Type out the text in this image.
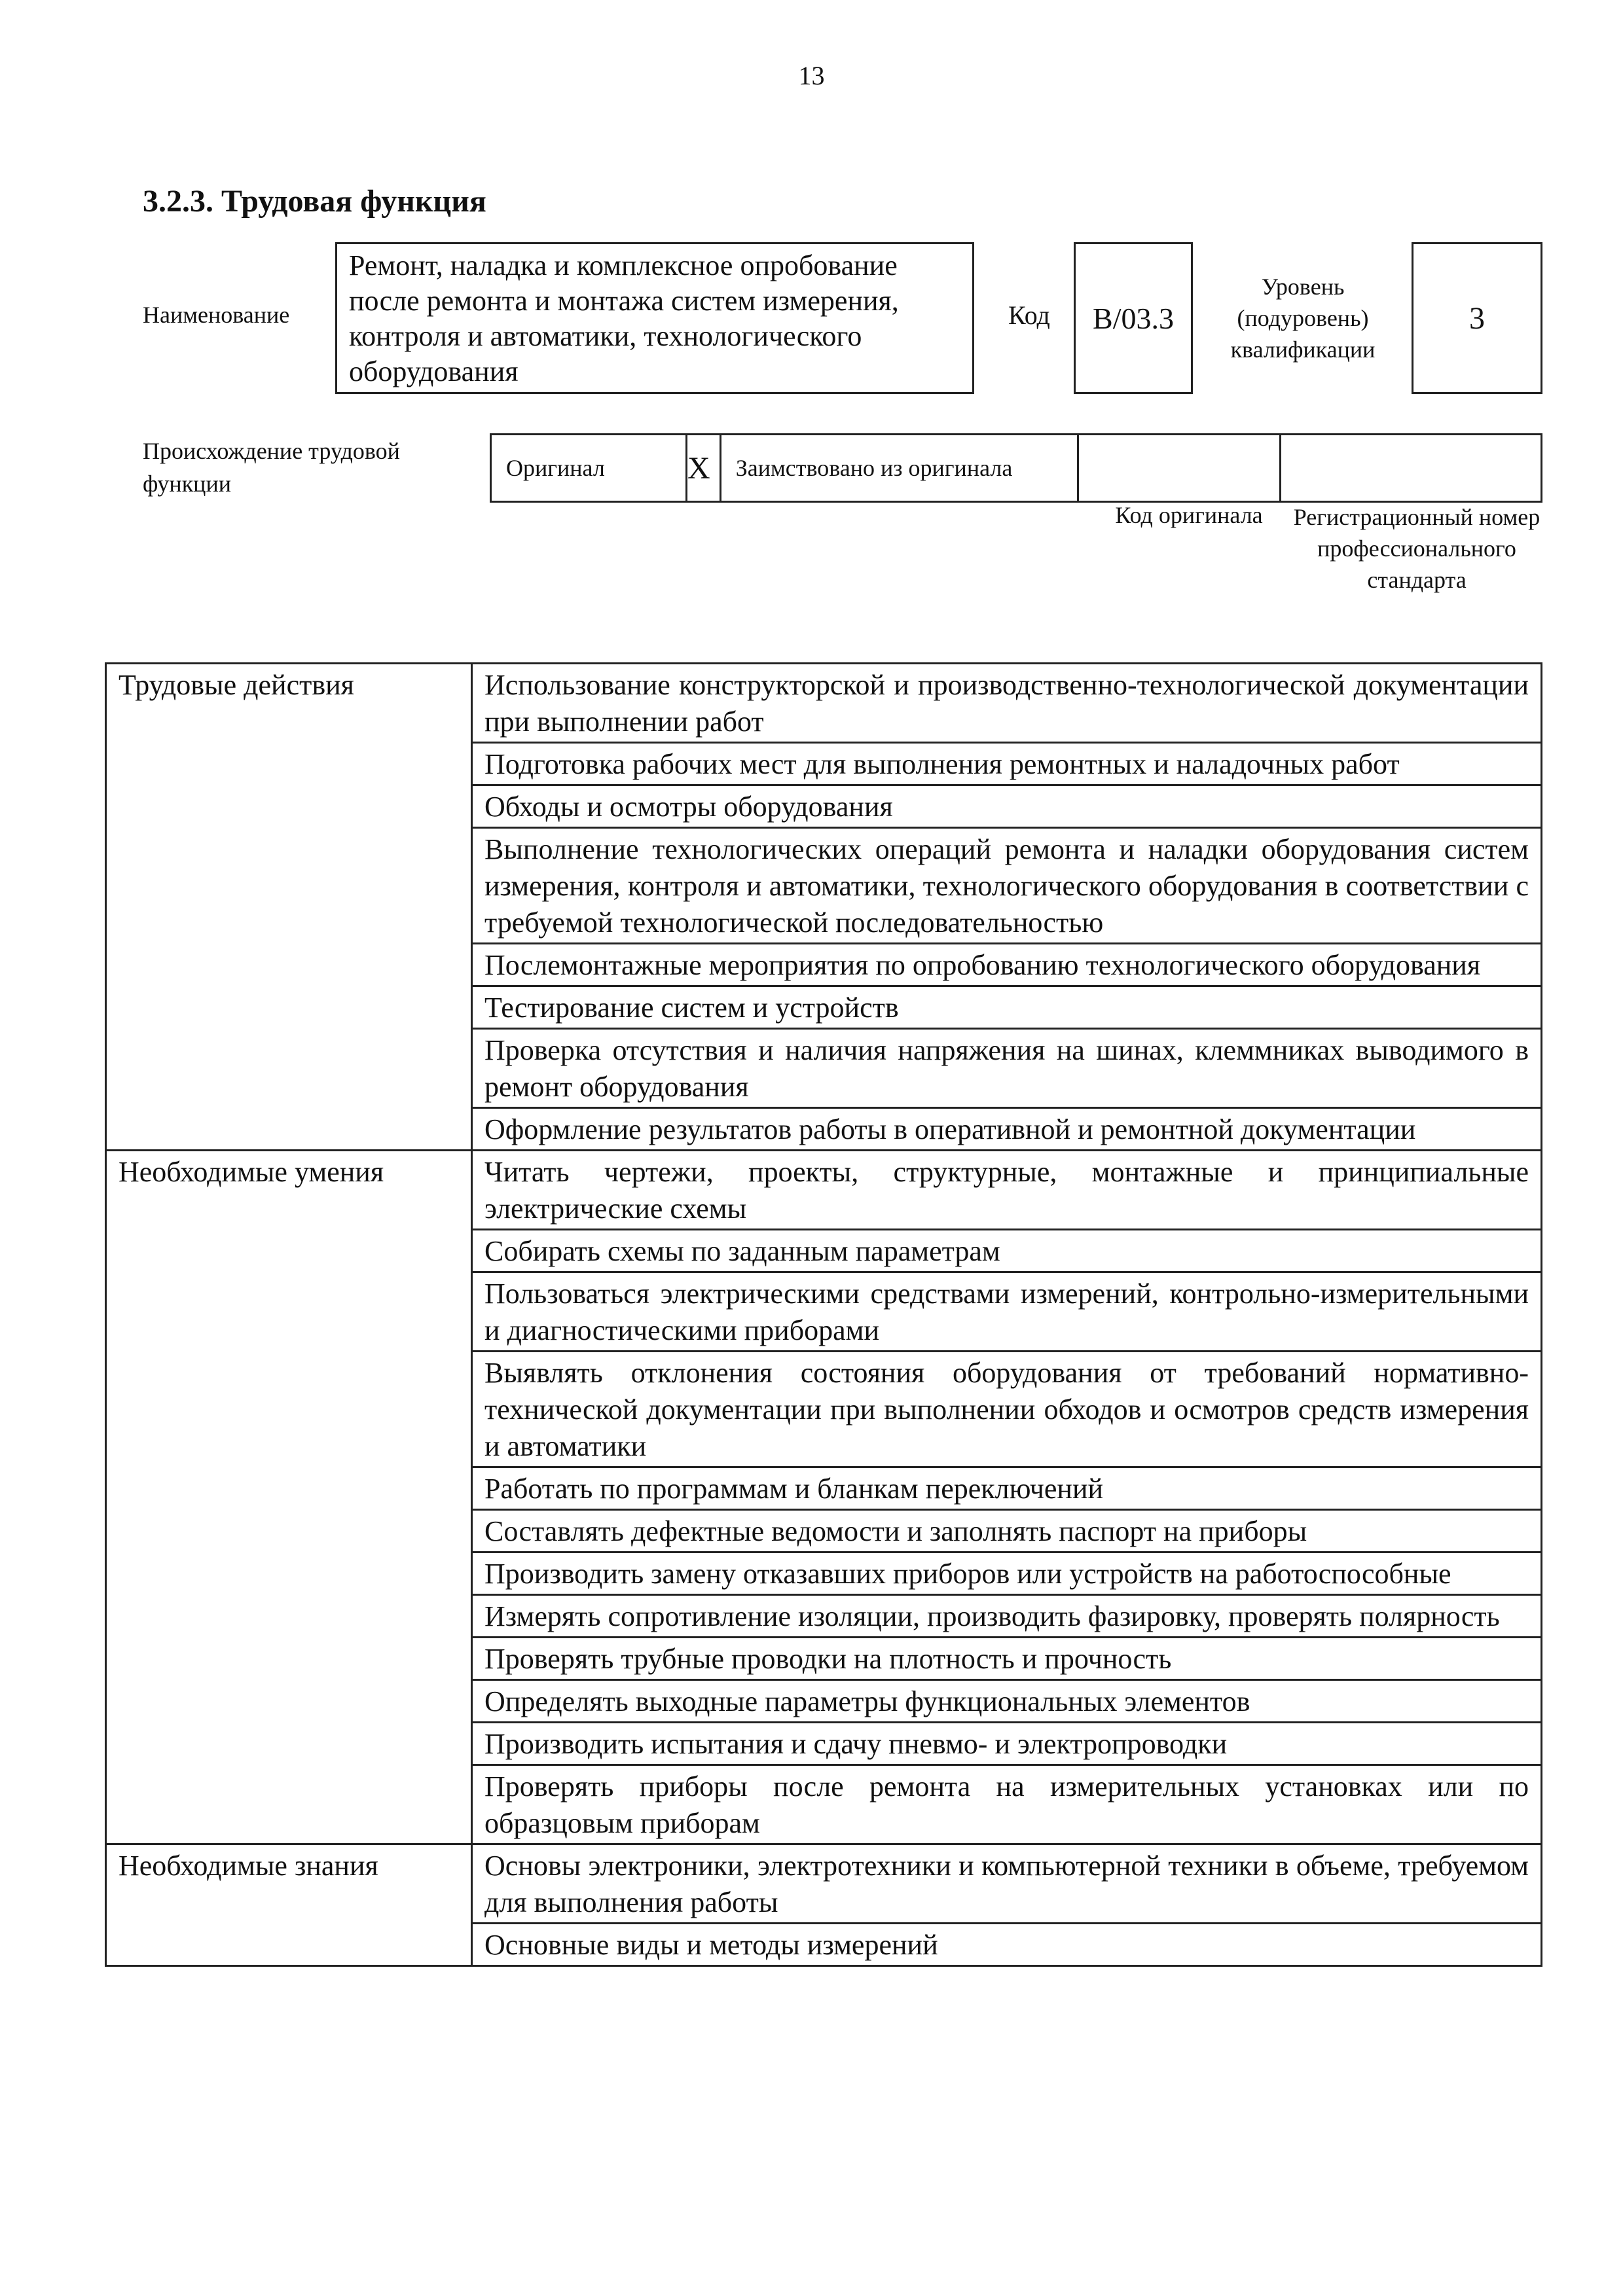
13
3.2.3. Трудовая функция
Наименование
Ремонт, наладка и комплексное опробование после ремонта и монтажа систем измерения, контроля и автоматики, технологического оборудования
Код	B/03.3
Уровень (подуровень) квалификации
3
Происхождение трудовой функции
Оригинал	X	Заимствовано из оригинала
Код оригинала	Регистрационный номер профессионального стандарта
Трудовые действия	Использование конструкторской и производственно-технологической документации при выполнении работ
	Подготовка рабочих мест для выполнения ремонтных и наладочных работ
	Обходы и осмотры оборудования
	Выполнение технологических операций ремонта и наладки оборудования систем измерения, контроля и автоматики, технологического оборудования в соответствии с требуемой технологической последовательностью
	Послемонтажные мероприятия по опробованию технологического оборудования
	Тестирование систем и устройств
	Проверка отсутствия и наличия напряжения на шинах, клеммниках выводимого в ремонт оборудования
	Оформление результатов работы в оперативной и ремонтной документации
Необходимые умения	Читать чертежи, проекты, структурные, монтажные и принципиальные электрические схемы
	Собирать схемы по заданным параметрам
	Пользоваться электрическими средствами измерений, контрольно-измерительными и диагностическими приборами
	Выявлять отклонения состояния оборудования от требований нормативно-технической документации при выполнении обходов и осмотров средств измерения и автоматики
	Работать по программам и бланкам переключений
	Составлять дефектные ведомости и заполнять паспорт на приборы
	Производить замену отказавших приборов или устройств на работоспособные
	Измерять сопротивление изоляции, производить фазировку, проверять полярность
	Проверять трубные проводки на плотность и прочность
	Определять выходные параметры функциональных элементов
	Производить испытания и сдачу пневмо- и электропроводки
	Проверять приборы после ремонта на измерительных установках или по образцовым приборам
Необходимые знания	Основы электроники, электротехники и компьютерной техники в объеме, требуемом для выполнения работы
	Основные виды и методы измерений
